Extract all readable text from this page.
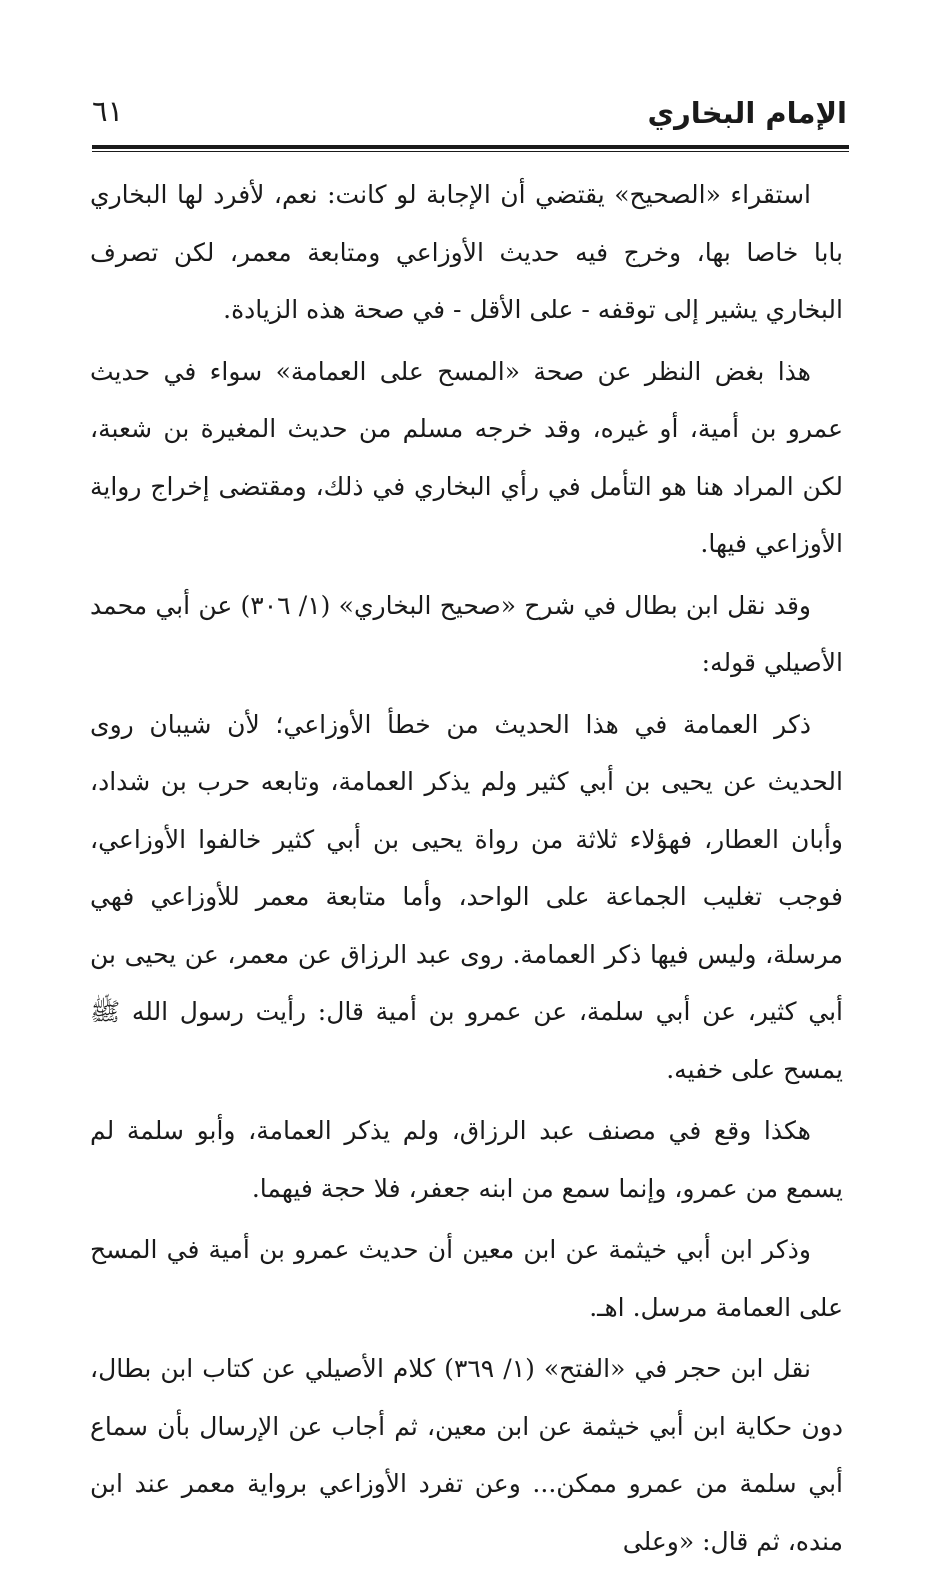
الإمام البخاري
٦١

استقراء «الصحيح» يقتضي أن الإجابة لو كانت: نعم، لأفرد لها البخاري بابا خاصا بها، وخرج فيه حديث الأوزاعي ومتابعة معمر، لكن تصرف البخاري يشير إلى توقفه - على الأقل - في صحة هذه الزيادة.

هذا بغض النظر عن صحة «المسح على العمامة» سواء في حديث عمرو بن أمية، أو غيره، وقد خرجه مسلم من حديث المغيرة بن شعبة، لكن المراد هنا هو التأمل في رأي البخاري في ذلك، ومقتضى إخراج رواية الأوزاعي فيها.

وقد نقل ابن بطال في شرح «صحيح البخاري» (١/ ٣٠٦) عن أبي محمد الأصيلي قوله:

ذكر العمامة في هذا الحديث من خطأ الأوزاعي؛ لأن شيبان روى الحديث عن يحيى بن أبي كثير ولم يذكر العمامة، وتابعه حرب بن شداد، وأبان العطار، فهؤلاء ثلاثة من رواة يحيى بن أبي كثير خالفوا الأوزاعي، فوجب تغليب الجماعة على الواحد، وأما متابعة معمر للأوزاعي فهي مرسلة، وليس فيها ذكر العمامة. روى عبد الرزاق عن معمر، عن يحيى بن أبي كثير، عن أبي سلمة، عن عمرو بن أمية قال: رأيت رسول الله ﷺ يمسح على خفيه.

هكذا وقع في مصنف عبد الرزاق، ولم يذكر العمامة، وأبو سلمة لم يسمع من عمرو، وإنما سمع من ابنه جعفر، فلا حجة فيهما.

وذكر ابن أبي خيثمة عن ابن معين أن حديث عمرو بن أمية في المسح على العمامة مرسل. اهـ.

نقل ابن حجر في «الفتح» (١/ ٣٦٩) كلام الأصيلي عن كتاب ابن بطال، دون حكاية ابن أبي خيثمة عن ابن معين، ثم أجاب عن الإرسال بأن سماع أبي سلمة من عمرو ممكن... وعن تفرد الأوزاعي برواية معمر عند ابن منده، ثم قال: «وعلى
